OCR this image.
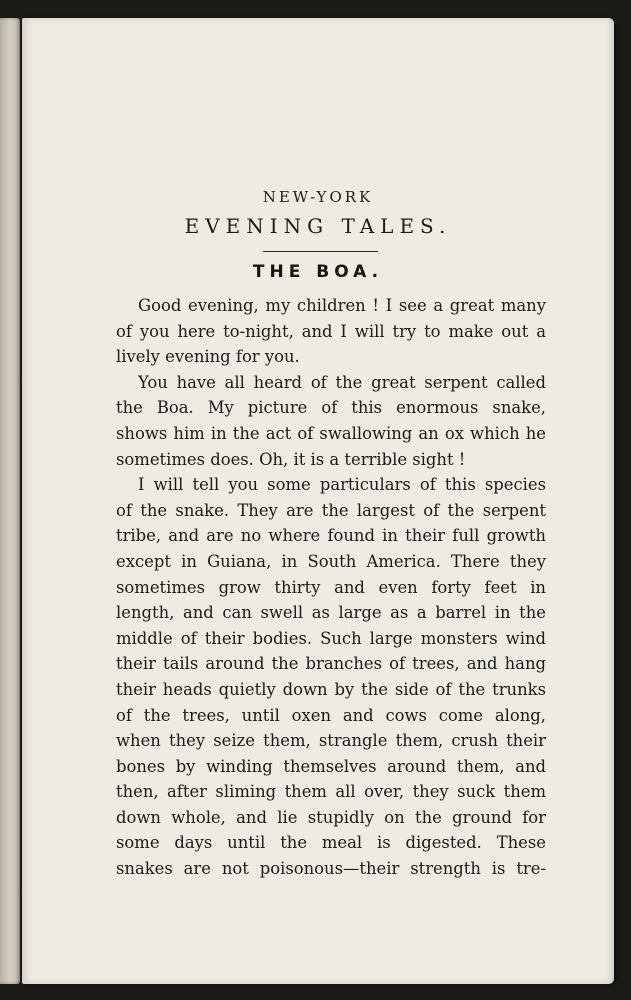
NEW-YORK
EVENING TALES.
THE BOA.
Good evening, my children ! I see a great many
of you here to-night, and I will try to make out a
lively evening for you.
You have all heard of the great serpent called
the Boa. My picture of this enormous snake,
shows him in the act of swallowing an ox which he
sometimes does. Oh, it is a terrible sight !
I will tell you some particulars of this species
of the snake. They are the largest of the serpent
tribe, and are no where found in their full growth
except in Guiana, in South America. There they
sometimes grow thirty and even forty feet in
length, and can swell as large as a barrel in the
middle of their bodies. Such large monsters wind
their tails around the branches of trees, and hang
their heads quietly down by the side of the trunks
of the trees, until oxen and cows come along,
when they seize them, strangle them, crush their
bones by winding themselves around them, and
then, after sliming them all over, they suck them
down whole, and lie stupidly on the ground for
some days until the meal is digested. These
snakes are not poisonous—their strength is tre-
